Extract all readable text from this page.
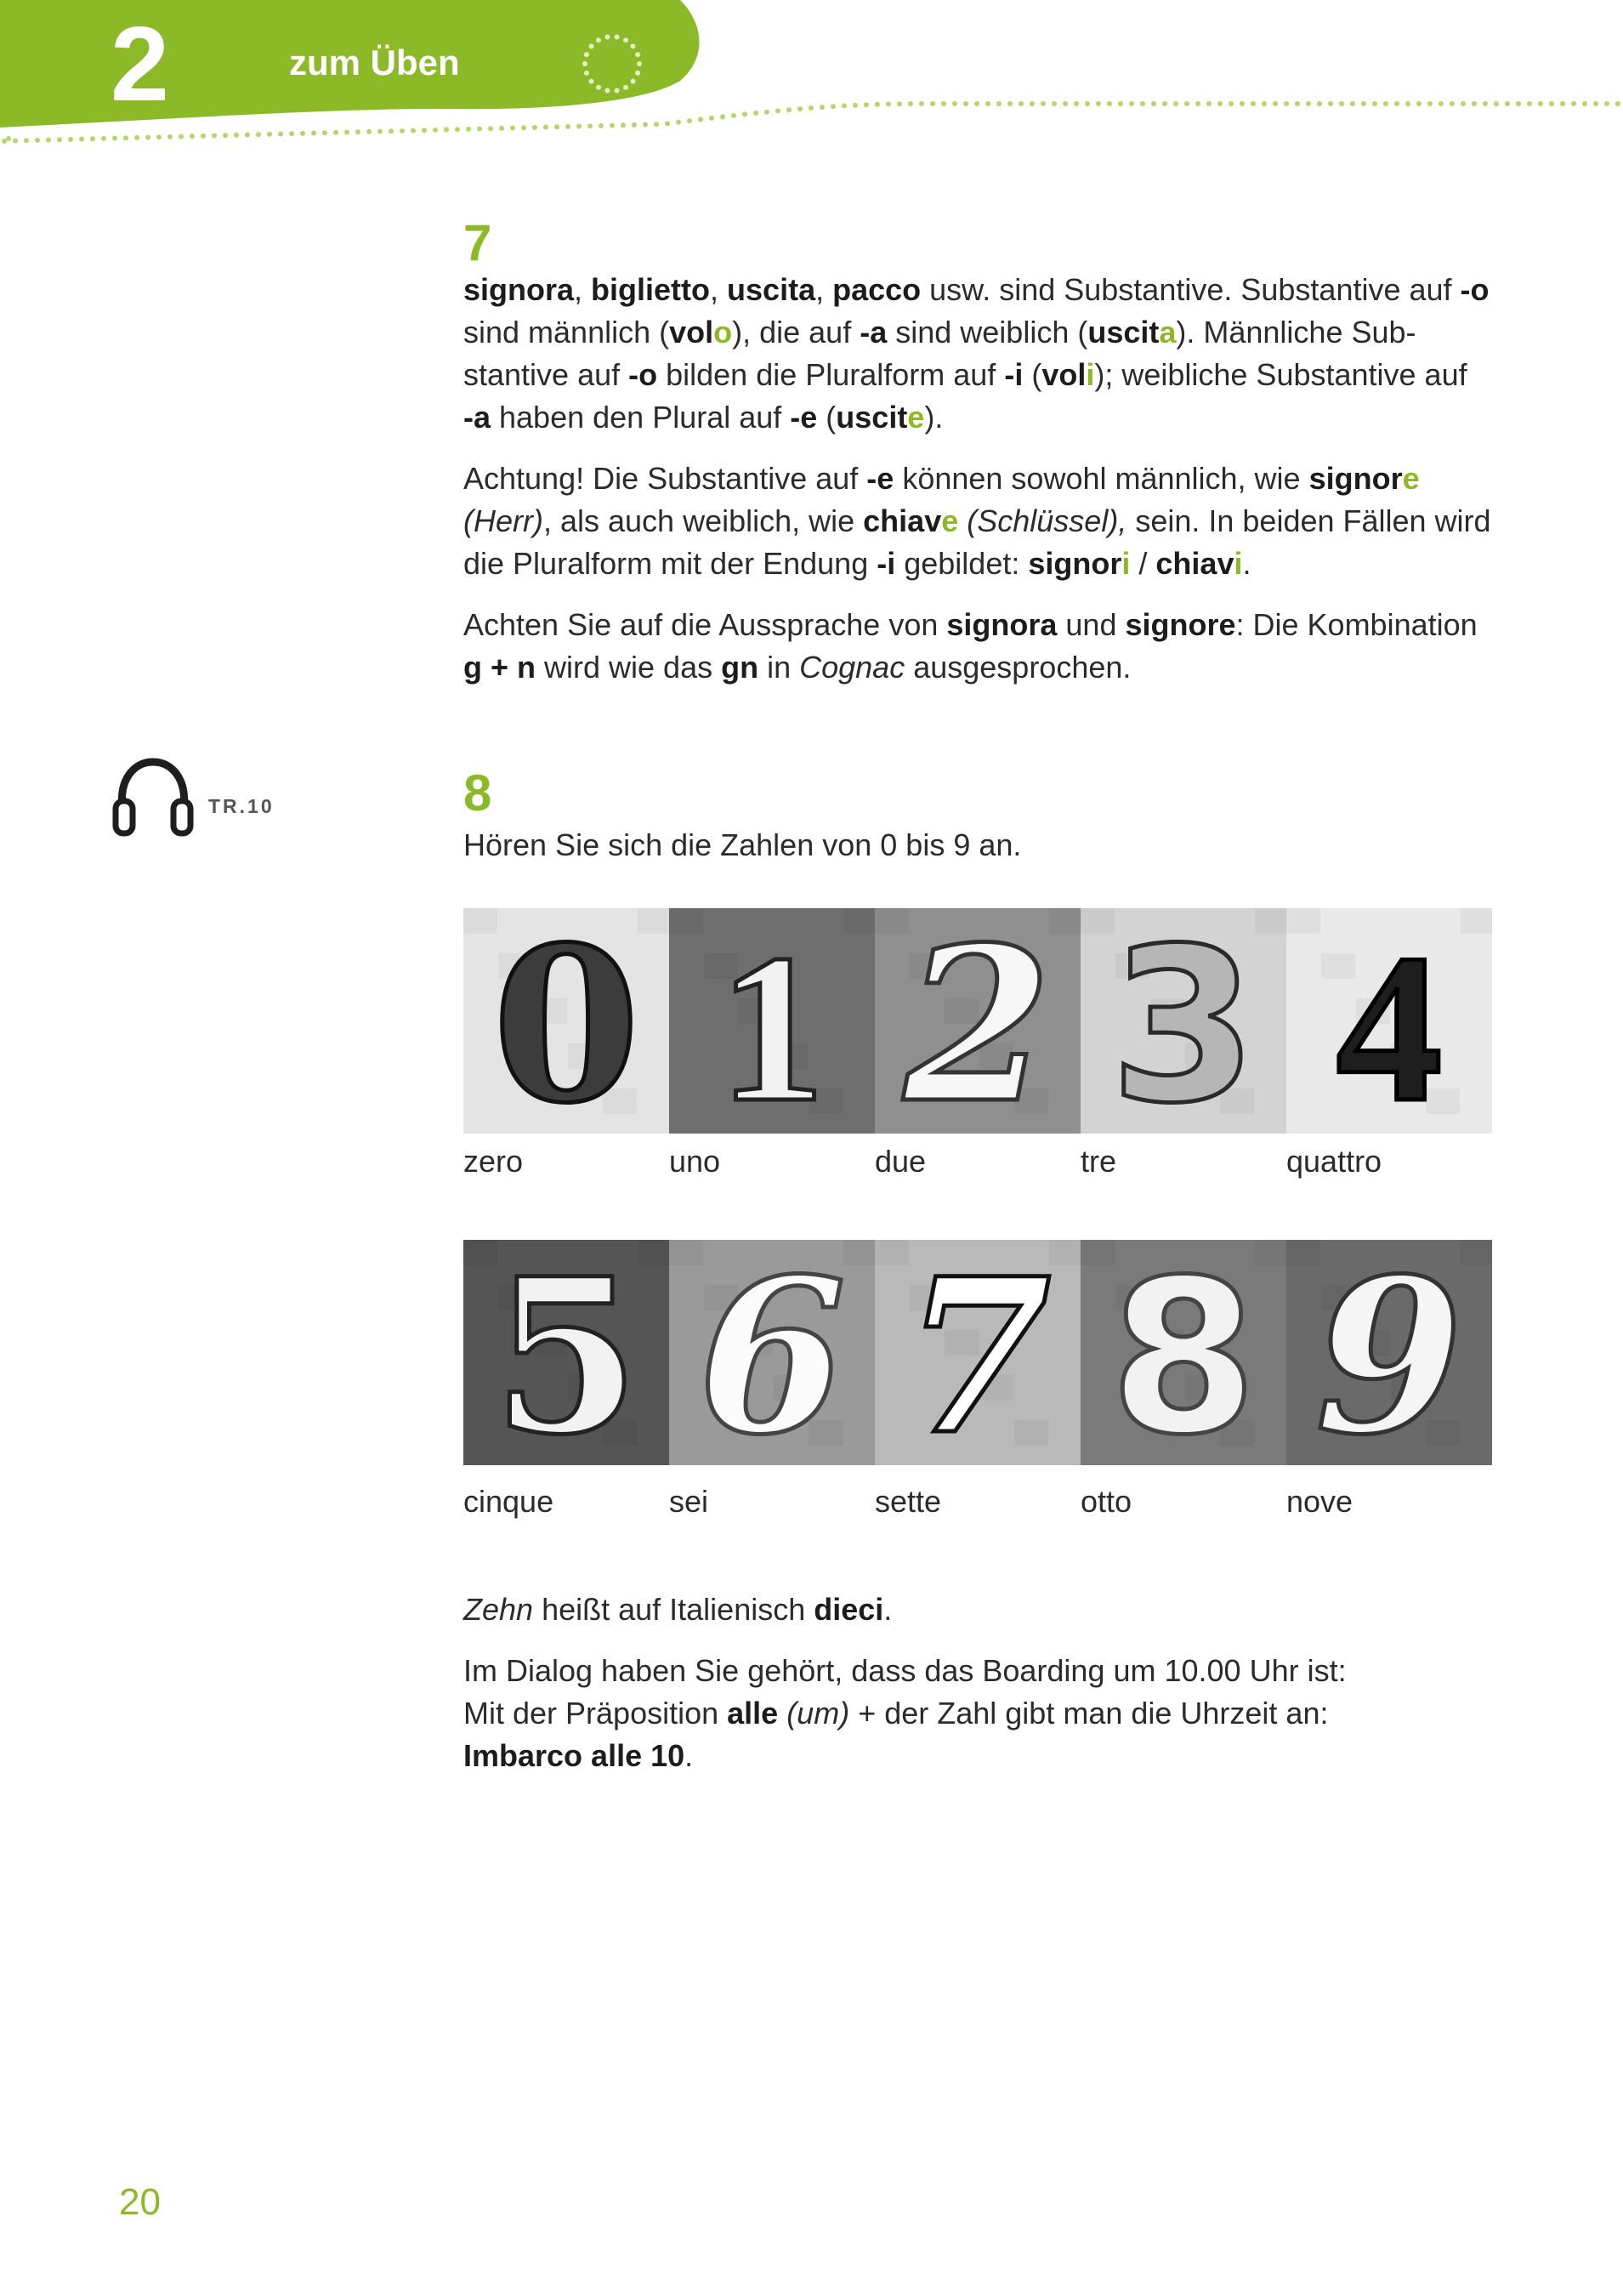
2	zum Üben
7

signora, biglietto, uscita, pacco usw. sind Substantive. Substantive auf -o
sind männlich (volo), die auf -a sind weiblich (uscita). Männliche Sub-
stantive auf -o bilden die Pluralform auf -i (voli); weibliche Substantive auf
-a haben den Plural auf -e (uscite).

Achtung! Die Substantive auf -e können sowohl männlich, wie signore
(Herr), als auch weiblich, wie chiave (Schlüssel), sein. In beiden Fällen wird
die Pluralform mit der Endung -i gebildet: signori / chiavi.

Achten Sie auf die Aussprache von signora und signore: Die Kombination
g + n wird wie das gn in Cognac ausgesprochen.

TR.10	8

Hören Sie sich die Zahlen von 0 bis 9 an.

0 1 2 3 4
zero	uno	due	tre	quattro
5 6 7 8 9
cinque	sei	sette	otto	nove

Zehn heißt auf Italienisch dieci.

Im Dialog haben Sie gehört, dass das Boarding um 10.00 Uhr ist:
Mit der Präposition alle (um) + der Zahl gibt man die Uhrzeit an:
Imbarco alle 10.

20
